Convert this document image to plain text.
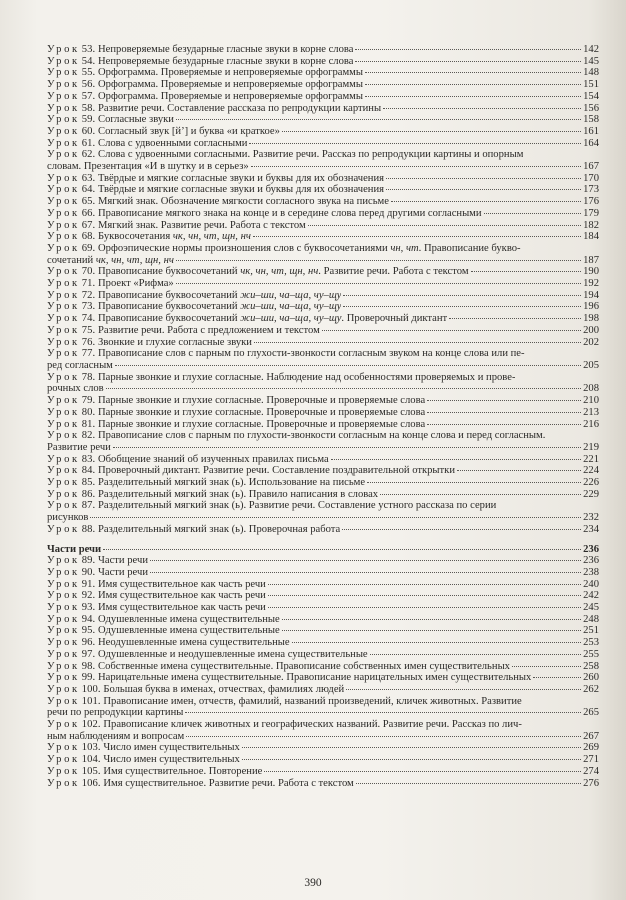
Урок 53. Непроверяемые безударные гласные звуки в корне слова	142
Урок 54. Непроверяемые безударные гласные звуки в корне слова	145
Урок 55. Орфограмма. Проверяемые и непроверяемые орфограммы	148
Урок 56. Орфограмма. Проверяемые и непроверяемые орфограммы	151
Урок 57. Орфограмма. Проверяемые и непроверяемые орфограммы	154
Урок 58. Развитие речи. Составление рассказа по репродукции картины	156
Урок 59. Согласные звуки	158
Урок 60. Согласный звук [й’] и буква «и краткое»	161
Урок 61. Слова с удвоенными согласными	164
Урок 62. Слова с удвоенными согласными. Развитие речи. Рассказ по репродукции картины и опорным
словам. Презентация «И в шутку и в серьез»	167
Урок 63. Твёрдые и мягкие согласные звуки и буквы для их обозначения	170
Урок 64. Твёрдые и мягкие согласные звуки и буквы для их обозначения	173
Урок 65. Мягкий знак. Обозначение мягкости согласного звука на письме	176
Урок 66. Правописание мягкого знака на конце и в середине слова перед другими согласными	179
Урок 67. Мягкий знак. Развитие речи. Работа с текстом	182
Урок 68. Буквосочетания чк, чн, чт, щн, нч	184
Урок 69. Орфоэпические нормы произношения слов с буквосочетаниями чн, чт. Правописание букво-
сочетаний чк, чн, чт, щн, нч	187
Урок 70. Правописание буквосочетаний чк, чн, чт, щн, нч. Развитие речи. Работа с текстом	190
Урок 71. Проект «Рифма»	192
Урок 72. Правописание буквосочетаний жи–ши, ча–ща, чу–щу	194
Урок 73. Правописание буквосочетаний жи–ши, ча–ща, чу–щу	196
Урок 74. Правописание буквосочетаний жи–ши, ча–ща, чу–щу. Проверочный диктант	198
Урок 75. Развитие речи. Работа с предложением и текстом	200
Урок 76. Звонкие и глухие согласные звуки	202
Урок 77. Правописание слов с парным по глухости-звонкости согласным звуком на конце слова или пе-
ред согласным	205
Урок 78. Парные звонкие и глухие согласные. Наблюдение над особенностями проверяемых и прове-
рочных слов	208
Урок 79. Парные звонкие и глухие согласные. Проверочные и проверяемые слова	210
Урок 80. Парные звонкие и глухие согласные. Проверочные и проверяемые слова	213
Урок 81. Парные звонкие и глухие согласные. Проверочные и проверяемые слова	216
Урок 82. Правописание слов с парным по глухости-звонкости согласным на конце слова и перед согласным.
Развитие речи	219
Урок 83. Обобщение знаний об изученных правилах письма	221
Урок 84. Проверочный диктант. Развитие речи. Составление поздравительной открытки	224
Урок 85. Разделительный мягкий знак (ь). Использование на письме	226
Урок 86. Разделительный мягкий знак (ь). Правило написания в словах	229
Урок 87. Разделительный мягкий знак (ь). Развитие речи. Составление устного рассказа по серии
рисунков	232
Урок 88. Разделительный мягкий знак (ь). Проверочная работа	234
Части речи	236
Урок 89. Части речи	236
Урок 90. Части речи	238
Урок 91. Имя существительное как часть речи	240
Урок 92. Имя существительное как часть речи	242
Урок 93. Имя существительное как часть речи	245
Урок 94. Одушевленные имена существительные	248
Урок 95. Одушевленные имена существительные	251
Урок 96. Неодушевленные имена существительные	253
Урок 97. Одушевленные и неодушевленные имена существительные	255
Урок 98. Собственные имена существительные. Правописание собственных имен существительных	258
Урок 99. Нарицательные имена существительные. Правописание нарицательных имен существительных	260
Урок 100. Большая буква в именах, отчествах, фамилиях людей	262
Урок 101. Правописание имен, отчеств, фамилий, названий произведений, кличек животных. Развитие
речи по репродукции картины	265
Урок 102. Правописание кличек животных и географических названий. Развитие речи. Рассказ по лич-
ным наблюдениям и вопросам	267
Урок 103. Число имен существительных	269
Урок 104. Число имен существительных	271
Урок 105. Имя существительное. Повторение	274
Урок 106. Имя существительное. Развитие речи. Работа с текстом	276
390
